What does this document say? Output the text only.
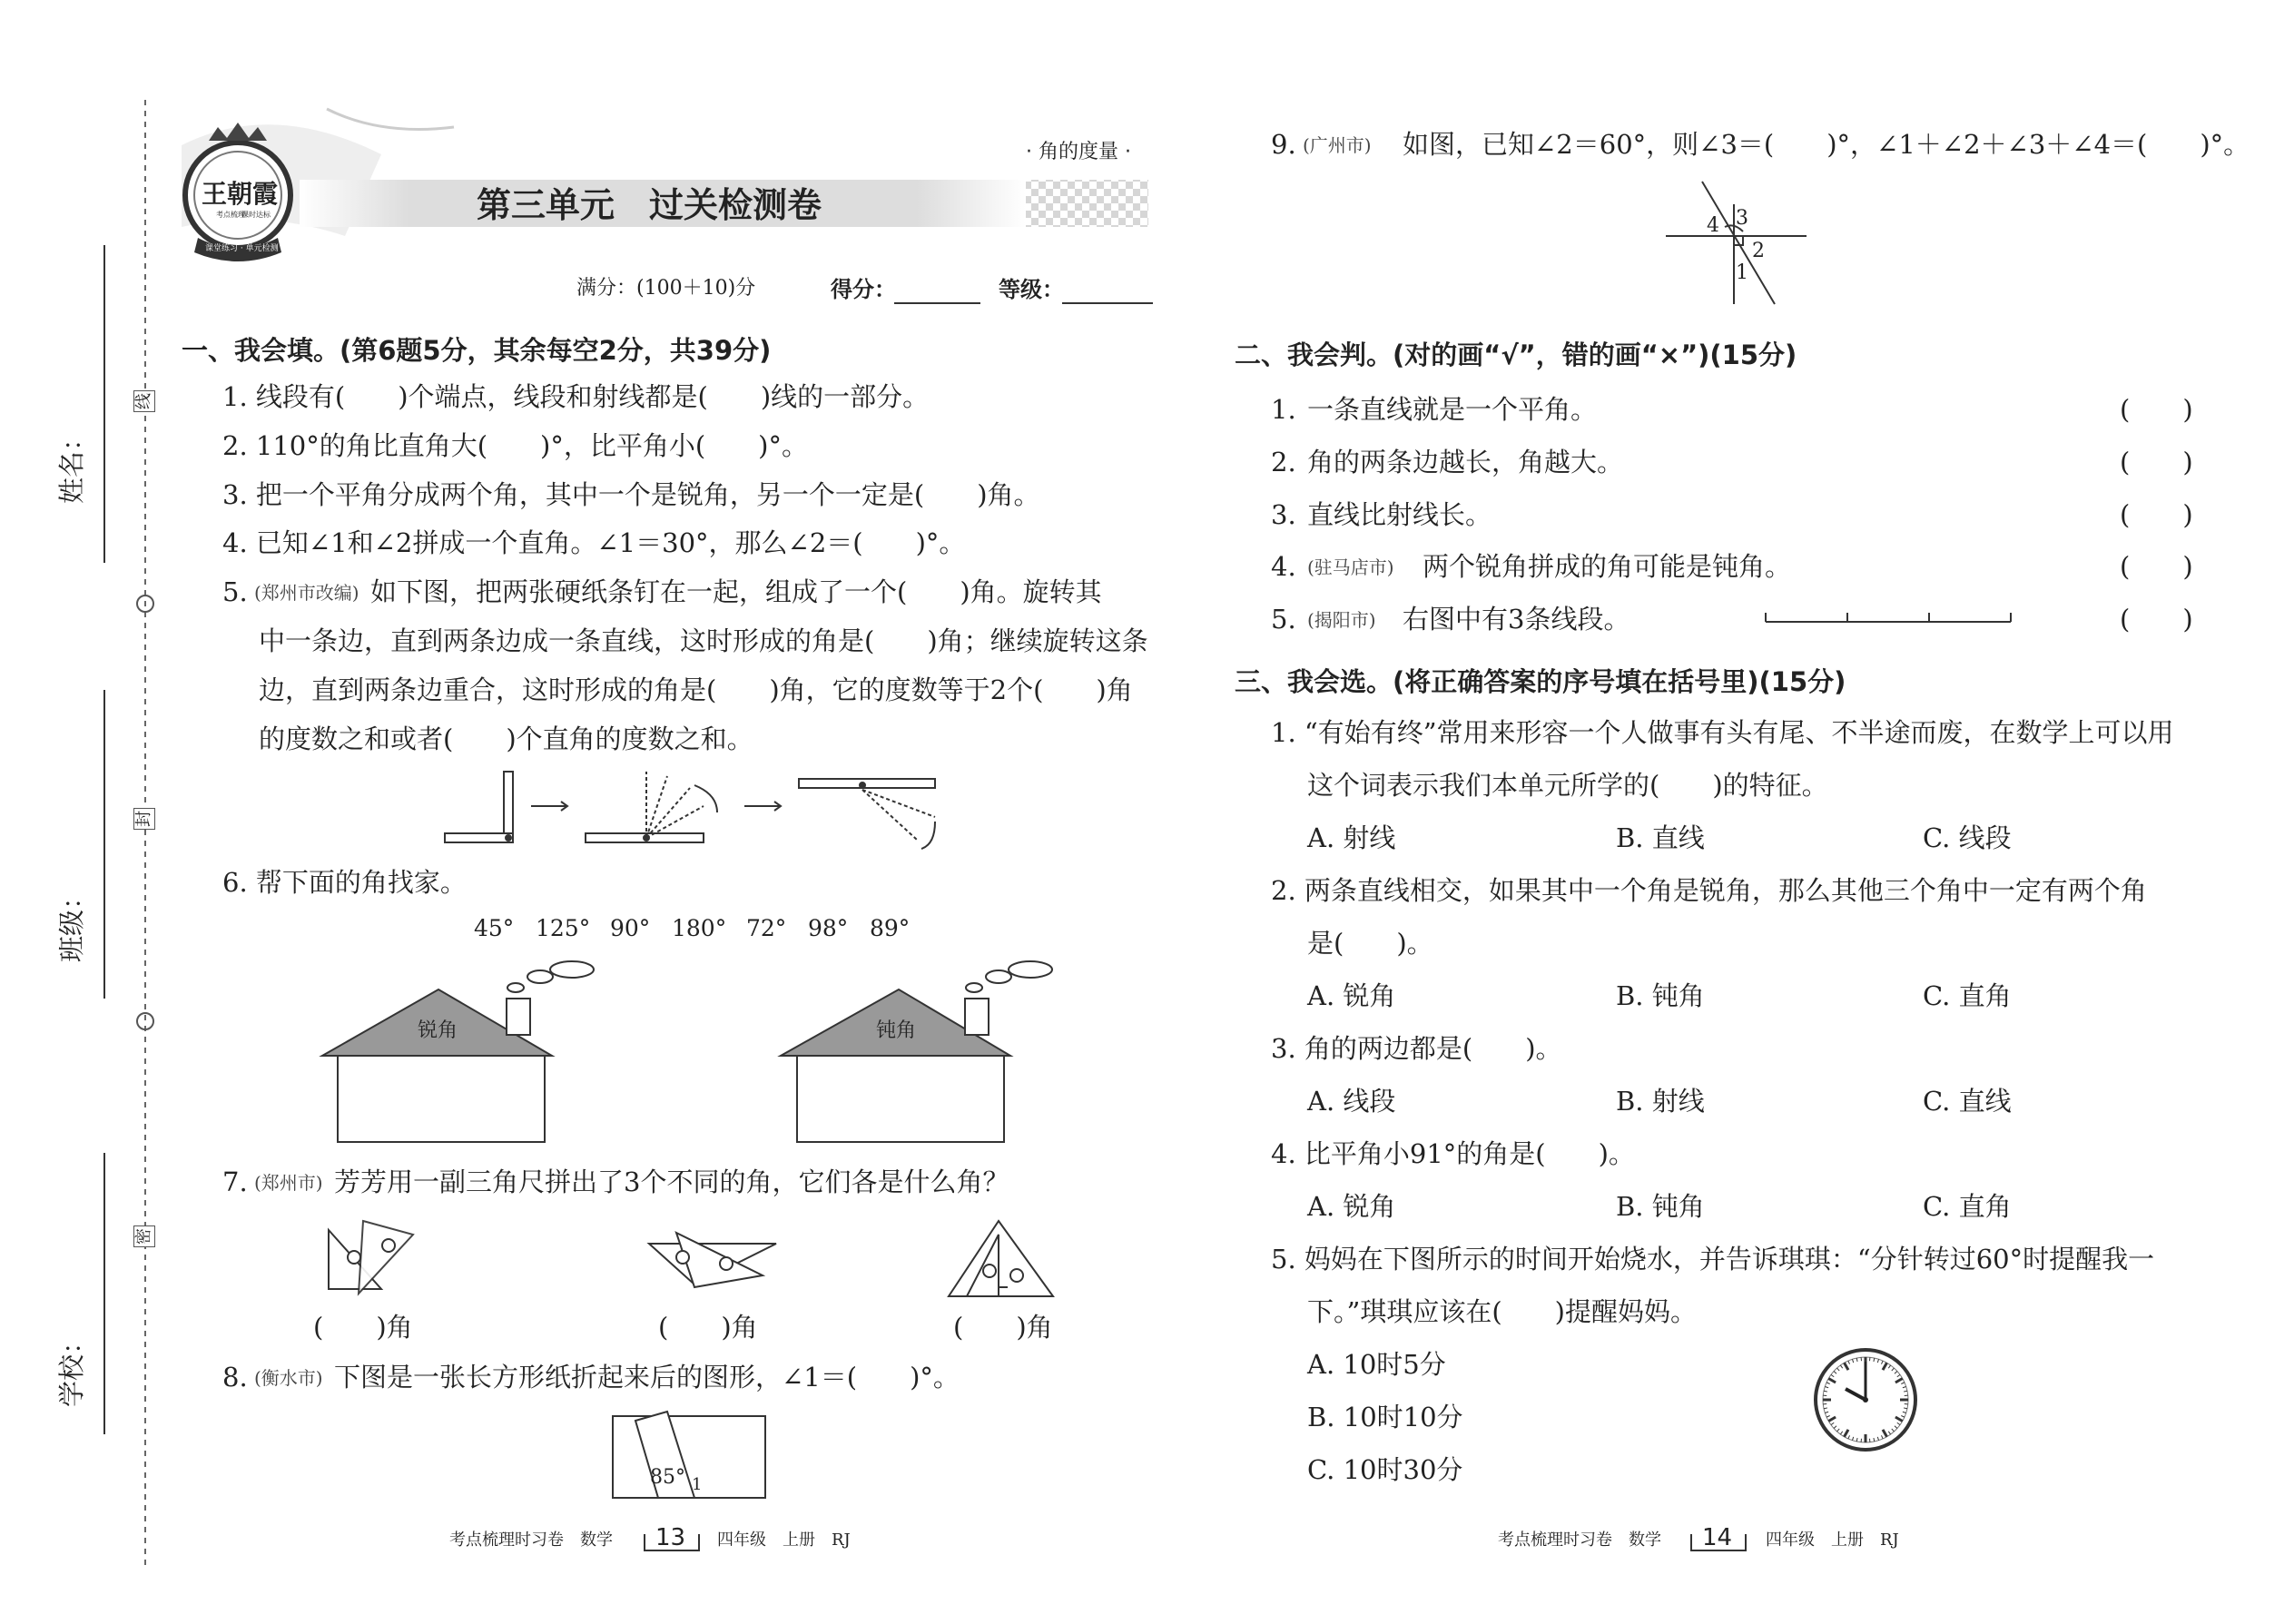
姓名：
班级：
学校：
线
封
密
王朝霞
考点梳理
课时达标
课堂练习 · 单元检测
· 角的度量 ·
第三单元　过关检测卷
满分：(100＋10)分	得分：	等级：
一、我会填。(第6题5分，其余每空2分，共39分)
1. 线段有(　　)个端点，线段和射线都是(　　)线的一部分。
2. 110°的角比直角大(　　)°，比平角小(　　)°。
3. 把一个平角分成两个角，其中一个是锐角，另一个一定是(　　)角。
4. 已知∠1和∠2拼成一个直角。∠1＝30°，那么∠2＝(　　)°。
5. (郑州市改编) 如下图，把两张硬纸条钉在一起，组成了一个(　　)角。旋转其
中一条边，直到两条边成一条直线，这时形成的角是(　　)角；继续旋转这条
边，直到两条边重合，这时形成的角是(　　)角，它的度数等于2个(　　)角
的度数之和或者(　　)个直角的度数之和。
6. 帮下面的角找家。
45° 125° 90° 180° 72° 98° 89°
锐角	钝角
7. (郑州市) 芳芳用一副三角尺拼出了3个不同的角，它们各是什么角？
(　　)角	(　　)角	(　　)角
8. (衡水市) 下图是一张长方形纸折起来后的图形，∠1＝(　　)°。
85° 1
考点梳理时习卷　数学 13 四年级　上册　RJ
9. (广州市) 如图，已知∠2＝60°，则∠3＝(　　)°，∠1＋∠2＋∠3＋∠4＝(　　)°。
4 3
2
1
二、我会判。(对的画“√”，错的画“×”)(15分)
1. 一条直线就是一个平角。	(　　)
2. 角的两条边越长，角越大。	(　　)
3. 直线比射线长。	(　　)
4. (驻马店市) 两个锐角拼成的角可能是钝角。	(　　)
5. (揭阳市) 右图中有3条线段。	(　　)
三、我会选。(将正确答案的序号填在括号里)(15分)
1. “有始有终”常用来形容一个人做事有头有尾、不半途而废，在数学上可以用
这个词表示我们本单元所学的(　　)的特征。
A. 射线	B. 直线	C. 线段
2. 两条直线相交，如果其中一个角是锐角，那么其他三个角中一定有两个角
是(　　)。
A. 锐角	B. 钝角	C. 直角
3. 角的两边都是(　　)。
A. 线段	B. 射线	C. 直线
4. 比平角小91°的角是(　　)。
A. 锐角	B. 钝角	C. 直角
5. 妈妈在下图所示的时间开始烧水，并告诉琪琪：“分针转过60°时提醒我一
下。”琪琪应该在(　　)提醒妈妈。
A. 10时5分
B. 10时10分
C. 10时30分
考点梳理时习卷　数学 14 四年级　上册　RJ
